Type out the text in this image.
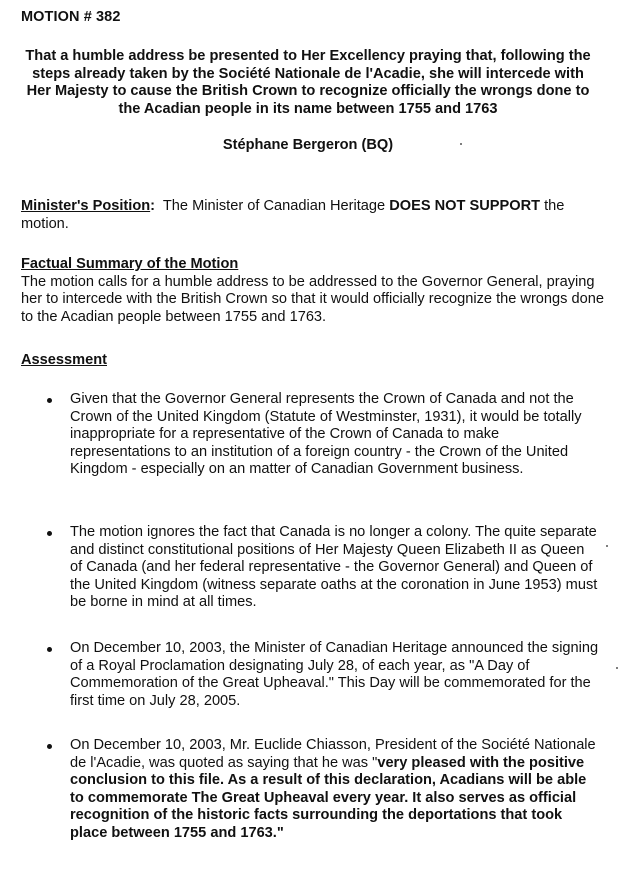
MOTION # 382
That a humble address be presented to Her Excellency praying that, following the steps already taken by the Société Nationale de l'Acadie, she will intercede with Her Majesty to cause the British Crown to recognize officially the wrongs done to the Acadian people in its name between 1755 and 1763
Stéphane Bergeron (BQ)
Minister's Position: The Minister of Canadian Heritage DOES NOT SUPPORT the motion.
Factual Summary of the Motion
The motion calls for a humble address to be addressed to the Governor General, praying her to intercede with the British Crown so that it would officially recognize the wrongs done to the Acadian people between 1755 and 1763.
Assessment
Given that the Governor General represents the Crown of Canada and not the Crown of the United Kingdom (Statute of Westminster, 1931), it would be totally inappropriate for a representative of the Crown of Canada to make representations to an institution of a foreign country - the Crown of the United Kingdom - especially on an matter of Canadian Government business.
The motion ignores the fact that Canada is no longer a colony. The quite separate and distinct constitutional positions of Her Majesty Queen Elizabeth II as Queen of Canada (and her federal representative - the Governor General) and Queen of the United Kingdom (witness separate oaths at the coronation in June 1953) must be borne in mind at all times.
On December 10, 2003, the Minister of Canadian Heritage announced the signing of a Royal Proclamation designating July 28, of each year, as "A Day of Commemoration of the Great Upheaval." This Day will be commemorated for the first time on July 28, 2005.
On December 10, 2003, Mr. Euclide Chiasson, President of the Société Nationale de l'Acadie, was quoted as saying that he was "very pleased with the positive conclusion to this file. As a result of this declaration, Acadians will be able to commemorate The Great Upheaval every year. It also serves as official recognition of the historic facts surrounding the deportations that took place between 1755 and 1763."
